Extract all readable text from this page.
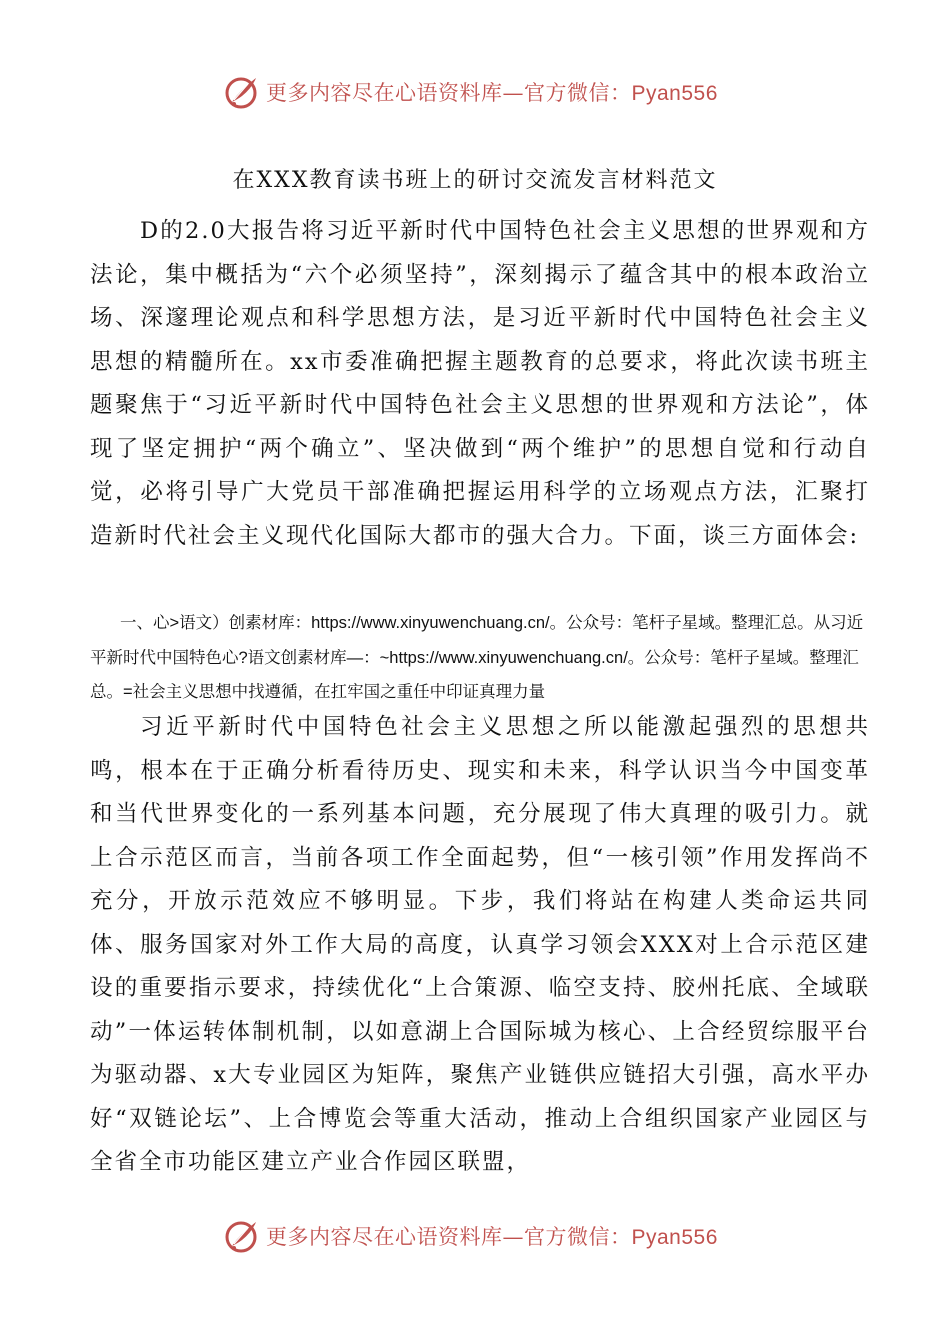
更多内容尽在心语资料库—官方微信：Pyan556
在XXX教育读书班上的研讨交流发言材料范文

D的2.0大报告将习近平新时代中国特色社会主义思想的世界观和方法论，集中概括为“六个必须坚持”，深刻揭示了蕴含其中的根本政治立场、深邃理论观点和科学思想方法，是习近平新时代中国特色社会主义思想的精髓所在。xx市委准确把握主题教育的总要求，将此次读书班主题聚焦于“习近平新时代中国特色社会主义思想的世界观和方法论”，体现了坚定拥护“两个确立”、坚决做到“两个维护”的思想自觉和行动自觉，必将引导广大党员干部准确把握运用科学的立场观点方法，汇聚打造新时代社会主义现代化国际大都市的强大合力。下面，谈三方面体会:

一、心>语文）创素材库：https://www.xinyuwenchuang.cn/。公众号：笔杆子星域。整理汇总。从习近平新时代中国特色心?语文创素材库—：~https://www.xinyuwenchuang.cn/。公众号：笔杆子星域。整理汇总。=社会主义思想中找遵循，在扛牢国之重任中印证真理力量

习近平新时代中国特色社会主义思想之所以能激起强烈的思想共鸣，根本在于正确分析看待历史、现实和未来，科学认识当今中国变革和当代世界变化的一系列基本问题，充分展现了伟大真理的吸引力。就上合示范区而言，当前各项工作全面起势，但“一核引领”作用发挥尚不充分，开放示范效应不够明显。下步，我们将站在构建人类命运共同体、服务国家对外工作大局的高度，认真学习领会XXX对上合示范区建设的重要指示要求，持续优化“上合策源、临空支持、胶州托底、全域联动”一体运转体制机制，以如意湖上合国际城为核心、上合经贸综服平台为驱动器、x大专业园区为矩阵，聚焦产业链供应链招大引强，高水平办好“双链论坛”、上合博览会等重大活动，推动上合组织国家产业园区与全省全市功能区建立产业合作园区联盟，

更多内容尽在心语资料库—官方微信：Pyan556
